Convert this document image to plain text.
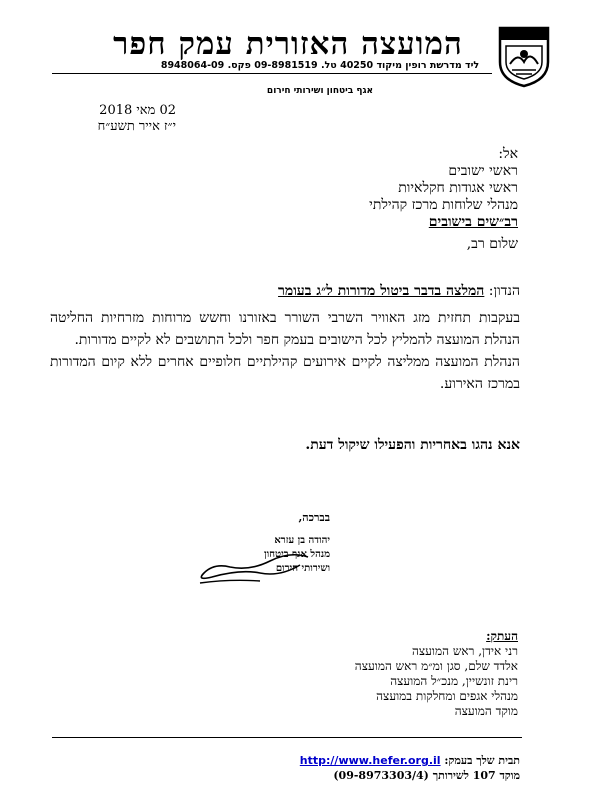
המועצה האזורית עמק חפר
ליד מדרשת רופין מיקוד 40250 טל. 09-8981519 פקס. 8948064-09
אגף ביטחון ושירותי חירום
02 מאי 2018
י״ז אייר תשע״ח
אל:
ראשי ישובים
ראשי אגודות חקלאיות
מנהלי שלוחות מרכז קהילתי
רב״שים בישובים
שלום רב,
הנדון: המלצה בדבר ביטול מדורות ל״ג בעומר

בעקבות תחזית מזג האוויר השרבי השורר באזורנו וחשש מרוחות מזרחיות החליטה הנהלת המועצה להמליץ לכל הישובים בעמק חפר ולכל התושבים לא לקיים מדורות.

הנהלת המועצה ממליצה לקיים אירועים קהילתיים חלופיים אחרים ללא קיום המדורות במרכז האירוע.

אנא נהגו באחריות והפעילו שיקול דעת.
בברכה,
יהודה בן עזרא
מנהל אגף ביטחון
ושירותי חירום
העתק:
רני אידן, ראש המועצה
אלדד שלם, סגן ומ״מ ראש המועצה
רינת זונשיין, מנכ״ל המועצה
מנהלי אגפים ומחלקות במועצה
מוקד המועצה
תבית שלך בעמק: http://www.hefer.org.il
מוקד 107 לשירותך (09-8973303/4)
